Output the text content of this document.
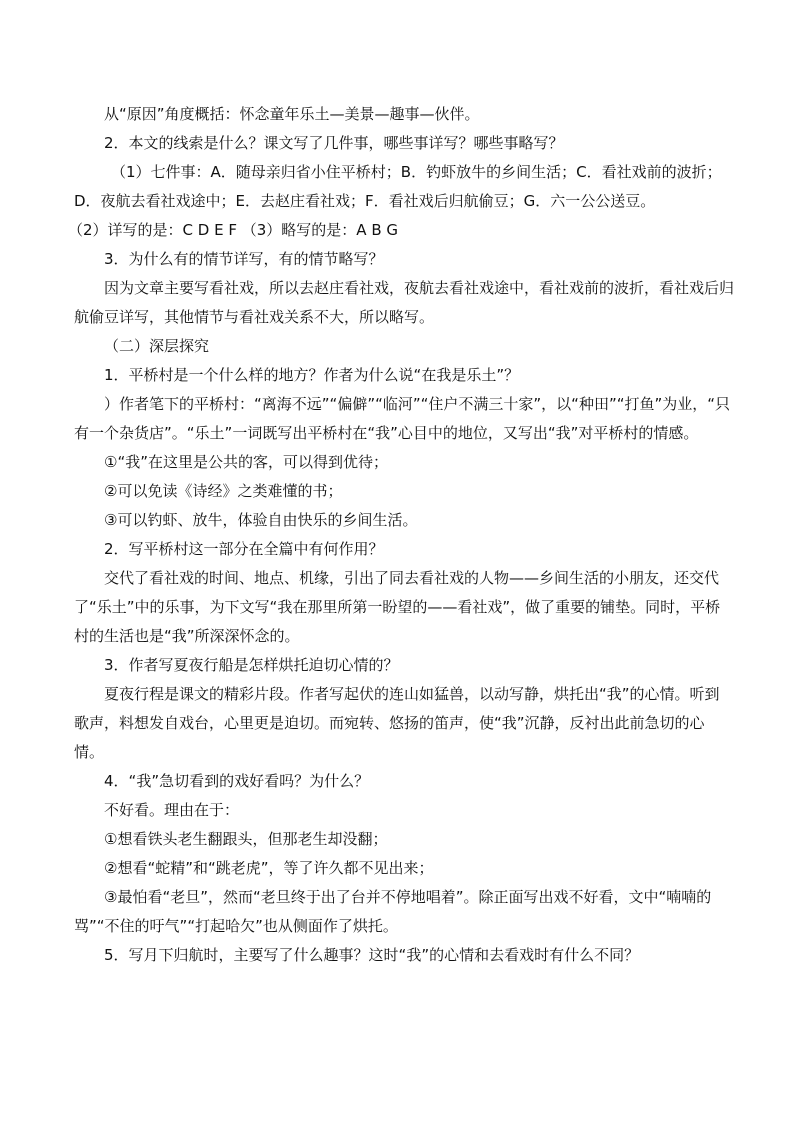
从“原因”角度概括：怀念童年乐土—美景—趣事—伙伴。

2．本文的线索是什么？课文写了几件事，哪些事详写？哪些事略写？

（1）七件事：A．随母亲归省小住平桥村；B．钓虾放牛的乡间生活；C．看社戏前的波折；D．夜航去看社戏途中；E．去赵庄看社戏；F．看社戏后归航偷豆；G．六一公公送豆。

（2）详写的是：C D E F （3）略写的是：A B G

3．为什么有的情节详写，有的情节略写？

因为文章主要写看社戏，所以去赵庄看社戏，夜航去看社戏途中，看社戏前的波折，看社戏后归航偷豆详写，其他情节与看社戏关系不大，所以略写。

（二）深层探究

1．平桥村是一个什么样的地方？作者为什么说“在我是乐土”？

）作者笔下的平桥村：“离海不远”“偏僻”“临河”“住户不满三十家”，以“种田”“打鱼”为业，“只有一个杂货店”。“乐土”一词既写出平桥村在“我”心目中的地位，又写出“我”对平桥村的情感。

①“我”在这里是公共的客，可以得到优待；

②可以免读《诗经》之类难懂的书；

③可以钓虾、放牛，体验自由快乐的乡间生活。

2．写平桥村这一部分在全篇中有何作用？

交代了看社戏的时间、地点、机缘，引出了同去看社戏的人物——乡间生活的小朋友，还交代了“乐土”中的乐事，为下文写“我在那里所第一盼望的——看社戏”，做了重要的铺垫。同时，平桥村的生活也是“我”所深深怀念的。

3．作者写夏夜行船是怎样烘托迫切心情的？

夏夜行程是课文的精彩片段。作者写起伏的连山如猛兽，以动写静，烘托出“我”的心情。听到歌声，料想发自戏台，心里更是迫切。而宛转、悠扬的笛声，使“我”沉静，反衬出此前急切的心情。

4．“我”急切看到的戏好看吗？为什么？

不好看。理由在于：

①想看铁头老生翻跟头，但那老生却没翻；

②想看“蛇精”和“跳老虎”，等了许久都不见出来；

③最怕看“老旦”，然而“老旦终于出了台并不停地唱着”。除正面写出戏不好看，文中“喃喃的骂”“不住的吁气”“打起哈欠”也从侧面作了烘托。

5．写月下归航时，主要写了什么趣事？这时“我”的心情和去看戏时有什么不同？
